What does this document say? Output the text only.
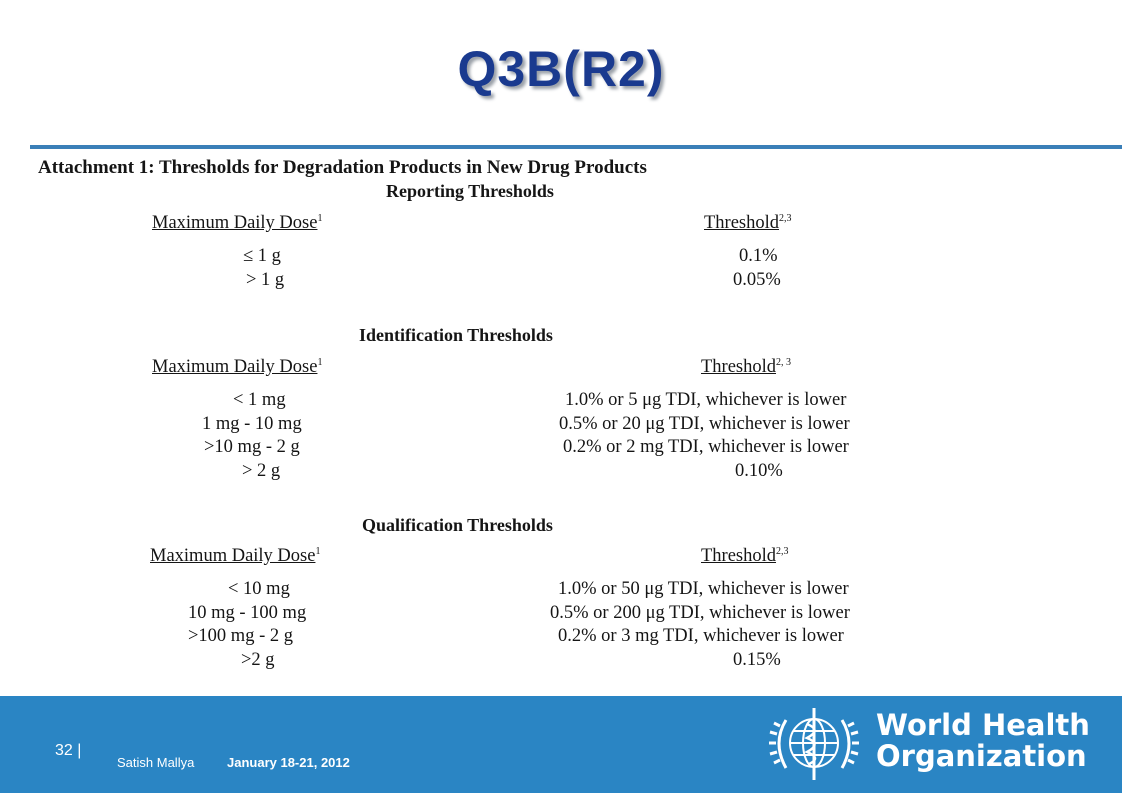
Q3B(R2)
Attachment 1: Thresholds for Degradation Products in New Drug Products
Reporting Thresholds
Maximum Daily Dose$^1$	Threshold$^{2,3}$
≤ 1 g	0.1%
> 1 g	0.05%
Identification Thresholds
Maximum Daily Dose$^1$	Threshold$^{2, 3}$
< 1 mg	1.0% or 5 μg TDI, whichever is lower
1 mg - 10 mg	0.5% or 20 μg TDI, whichever is lower
>10 mg - 2 g	0.2% or 2 mg TDI, whichever is lower
> 2 g	0.10%
Qualification Thresholds
Maximum Daily Dose$^1$	Threshold$^{2,3}$
< 10 mg	1.0% or 50 μg TDI, whichever is lower
10 mg - 100 mg	0.5% or 200 μg TDI, whichever is lower
>100 mg - 2 g	0.2% or 3 mg TDI, whichever is lower
>2 g	0.15%
32 |
Satish Mallya	January 18-21, 2012
World Health
Organization
